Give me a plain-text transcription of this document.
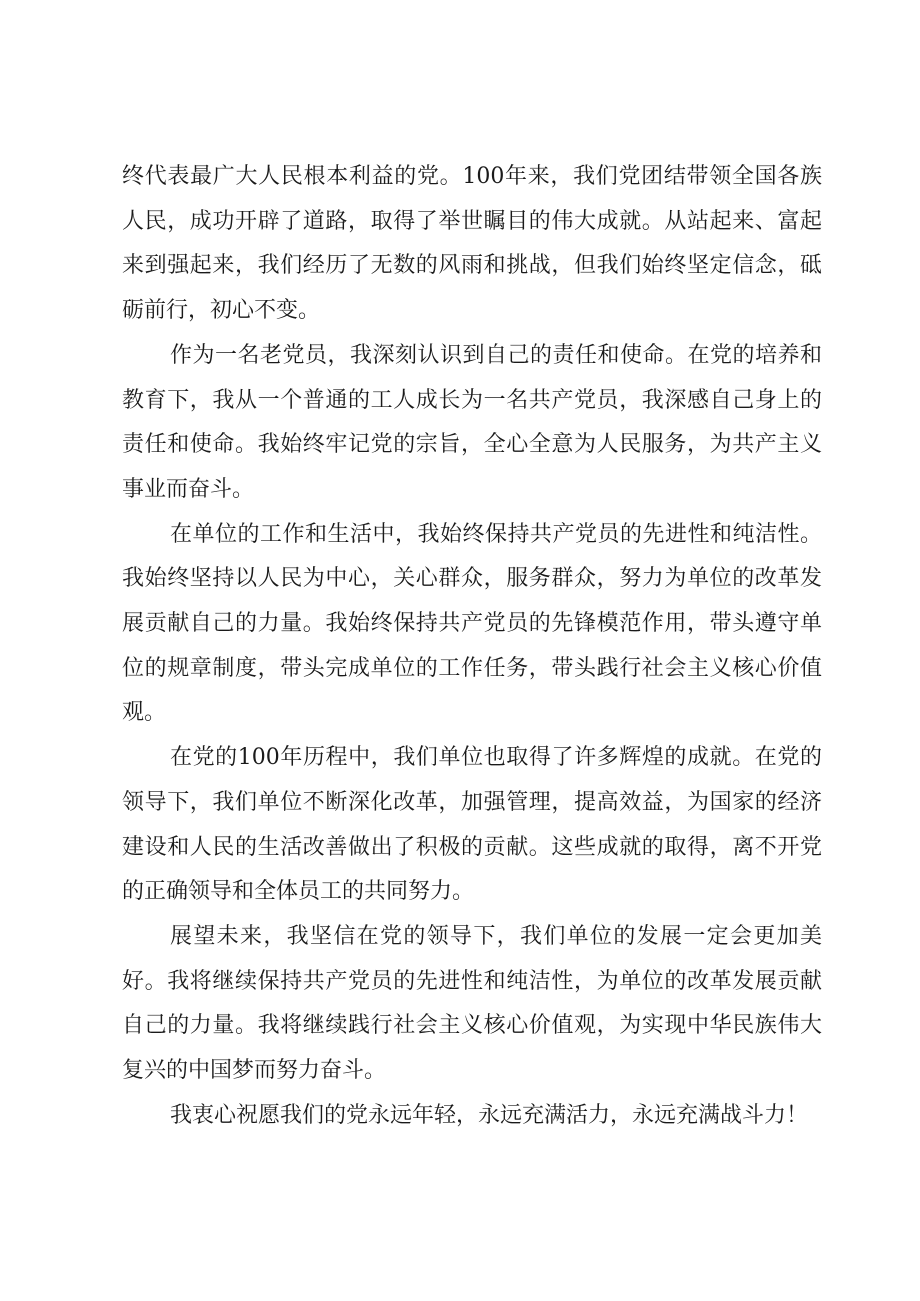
终代表最广大人民根本利益的党。100年来，我们党团结带领全国各族人民，成功开辟了道路，取得了举世瞩目的伟大成就。从站起来、富起来到强起来，我们经历了无数的风雨和挑战，但我们始终坚定信念，砥砺前行，初心不变。

作为一名老党员，我深刻认识到自己的责任和使命。在党的培养和教育下，我从一个普通的工人成长为一名共产党员，我深感自己身上的责任和使命。我始终牢记党的宗旨，全心全意为人民服务，为共产主义事业而奋斗。

在单位的工作和生活中，我始终保持共产党员的先进性和纯洁性。我始终坚持以人民为中心，关心群众，服务群众，努力为单位的改革发展贡献自己的力量。我始终保持共产党员的先锋模范作用，带头遵守单位的规章制度，带头完成单位的工作任务，带头践行社会主义核心价值观。

在党的100年历程中，我们单位也取得了许多辉煌的成就。在党的领导下，我们单位不断深化改革，加强管理，提高效益，为国家的经济建设和人民的生活改善做出了积极的贡献。这些成就的取得，离不开党的正确领导和全体员工的共同努力。

展望未来，我坚信在党的领导下，我们单位的发展一定会更加美好。我将继续保持共产党员的先进性和纯洁性，为单位的改革发展贡献自己的力量。我将继续践行社会主义核心价值观，为实现中华民族伟大复兴的中国梦而努力奋斗。

我衷心祝愿我们的党永远年轻，永远充满活力，永远充满战斗力！
